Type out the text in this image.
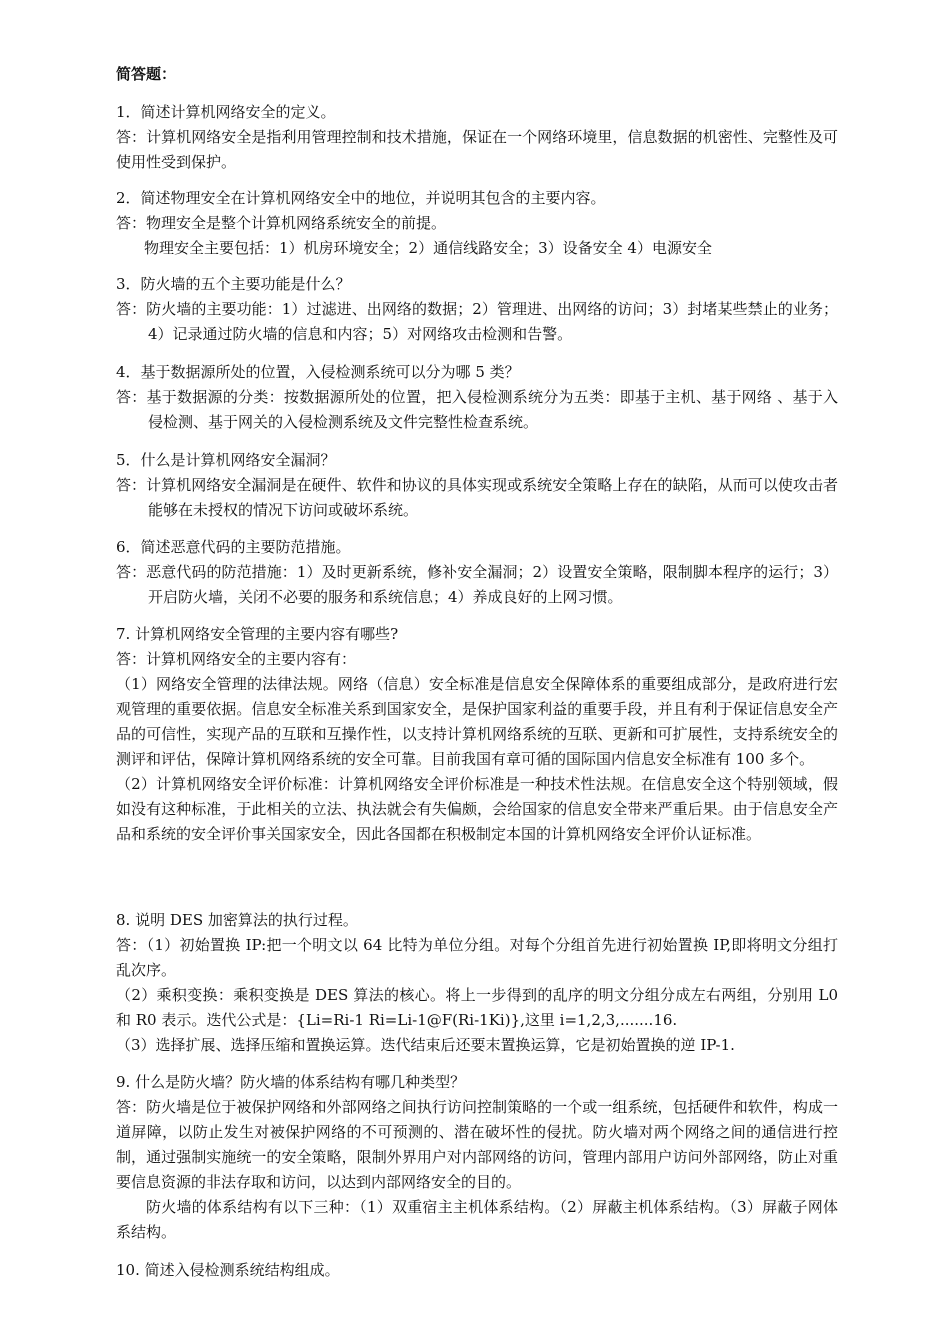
简答题：

1．简述计算机网络安全的定义。

答：计算机网络安全是指利用管理控制和技术措施，保证在一个网络环境里，信息数据的机密性、完整性及可使用性受到保护。

2．简述物理安全在计算机网络安全中的地位，并说明其包含的主要内容。

答：物理安全是整个计算机网络系统安全的前提。

物理安全主要包括：1）机房环境安全；2）通信线路安全；3）设备安全 4）电源安全

3．防火墙的五个主要功能是什么？

答：防火墙的主要功能：1）过滤进、出网络的数据；2）管理进、出网络的访问；3）封堵某些禁止的业务；4）记录通过防火墙的信息和内容；5）对网络攻击检测和告警。

4．基于数据源所处的位置，入侵检测系统可以分为哪 5 类？

答：基于数据源的分类：按数据源所处的位置，把入侵检测系统分为五类：即基于主机、基于网络 、基于入侵检测、基于网关的入侵检测系统及文件完整性检查系统。

5．什么是计算机网络安全漏洞？

答：计算机网络安全漏洞是在硬件、软件和协议的具体实现或系统安全策略上存在的缺陷，从而可以使攻击者能够在未授权的情况下访问或破坏系统。

6．简述恶意代码的主要防范措施。

答：恶意代码的防范措施：1）及时更新系统，修补安全漏洞；2）设置安全策略，限制脚本程序的运行；3）开启防火墙，关闭不必要的服务和系统信息；4）养成良好的上网习惯。

7. 计算机网络安全管理的主要内容有哪些?

答：计算机网络安全的主要内容有：

（1）网络安全管理的法律法规。网络（信息）安全标准是信息安全保障体系的重要组成部分，是政府进行宏观管理的重要依据。信息安全标准关系到国家安全，是保护国家利益的重要手段，并且有利于保证信息安全产品的可信性，实现产品的互联和互操作性，以支持计算机网络系统的互联、更新和可扩展性，支持系统安全的测评和评估，保障计算机网络系统的安全可靠。目前我国有章可循的国际国内信息安全标准有 100 多个。

（2）计算机网络安全评价标准：计算机网络安全评价标准是一种技术性法规。在信息安全这个特别领域，假如没有这种标准，于此相关的立法、执法就会有失偏颇，会给国家的信息安全带来严重后果。由于信息安全产品和系统的安全评价事关国家安全，因此各国都在积极制定本国的计算机网络安全评价认证标准。

8. 说明 DES 加密算法的执行过程。

答：（1）初始置换 IP:把一个明文以 64 比特为单位分组。对每个分组首先进行初始置换 IP,即将明文分组打乱次序。

（2）乘积变换：乘积变换是 DES 算法的核心。将上一步得到的乱序的明文分组分成左右两组，分别用 L0 和 R0 表示。迭代公式是：{Li=Ri-1 Ri=Li-1@F(Ri-1Ki)},这里 i=1,2,3,.......16.

（3）选择扩展、选择压缩和置换运算。迭代结束后还要末置换运算，它是初始置换的逆 IP-1.

9. 什么是防火墙？防火墙的体系结构有哪几种类型？

答：防火墙是位于被保护网络和外部网络之间执行访问控制策略的一个或一组系统，包括硬件和软件，构成一道屏障，以防止发生对被保护网络的不可预测的、潜在破坏性的侵扰。防火墙对两个网络之间的通信进行控制，通过强制实施统一的安全策略，限制外界用户对内部网络的访问，管理内部用户访问外部网络，防止对重要信息资源的非法存取和访问，以达到内部网络安全的目的。

防火墙的体系结构有以下三种：（1）双重宿主主机体系结构。（2）屏蔽主机体系结构。（3）屏蔽子网体系结构。

10. 简述入侵检测系统结构组成。
